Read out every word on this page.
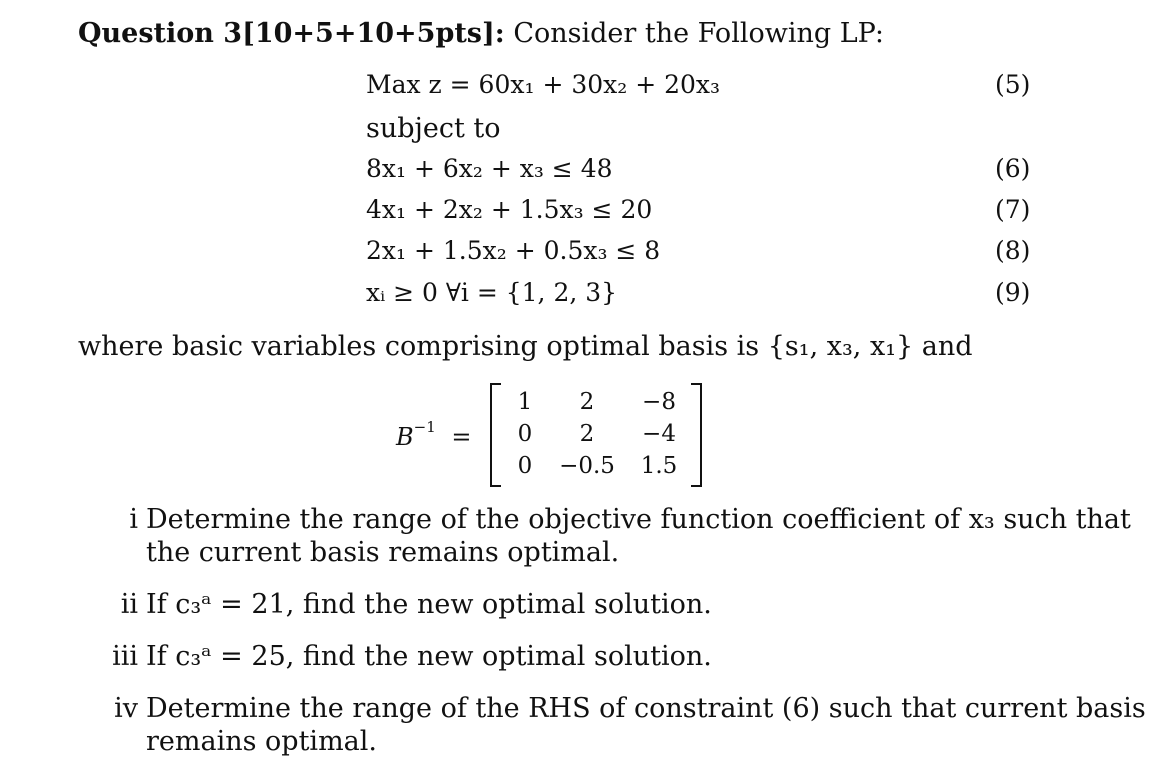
Question 3[10+5+10+5pts]: Consider the Following LP:
Max z = 60x₁ + 30x₂ + 20x₃	(5)
subject to
8x₁ + 6x₂ + x₃ ≤ 48	(6)
4x₁ + 2x₂ + 1.5x₃ ≤ 20	(7)
2x₁ + 1.5x₂ + 0.5x₃ ≤ 8	(8)
xᵢ ≥ 0 ∀i = {1, 2, 3}	(9)
where basic variables comprising optimal basis is {s₁, x₃, x₁} and
$B^{-1}$ =
1	2	−8
0	2	−4
0	−0.5	1.5
i Determine the range of the objective function coefficient of x₃ such that
the current basis remains optimal.
ii If c₃ᵃ = 21, find the new optimal solution.
iii If c₃ᵃ = 25, find the new optimal solution.
iv Determine the range of the RHS of constraint (6) such that current basis
remains optimal.
